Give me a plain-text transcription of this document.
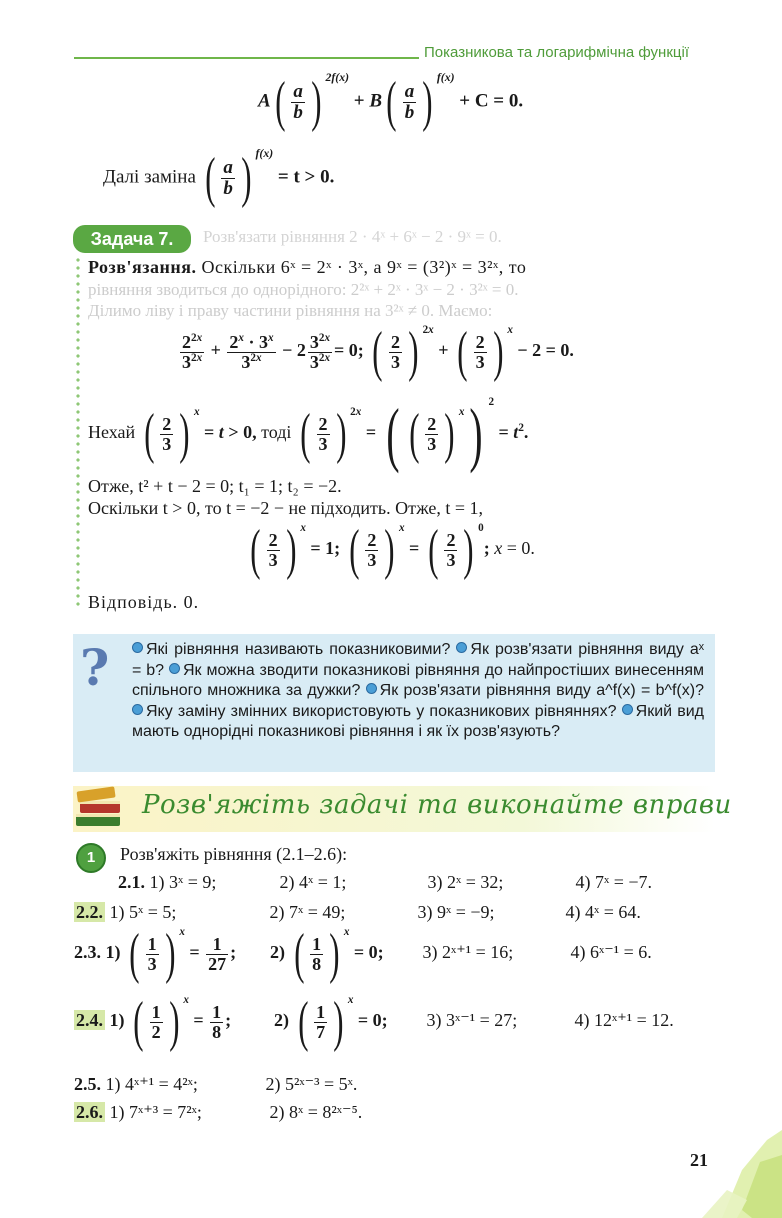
Показникова та логарифмічна функції
$A( \frac{a}{b}$ ) $^{2f(x)} + B( \frac{a}{b}$ ) $^{f(x)}$ + C = 0.
Далі заміна ( $\frac{a}{b}$ ) $^{f(x)}$ = t > 0.
Задача 7.	Розв'язати рівняння 2 · 4ˣ + 6ˣ − 2 · 9ˣ = 0.
Розв'язання. Оскільки 6ˣ = 2ˣ · 3ˣ, а 9ˣ = (3²)ˣ = 3²ˣ, то
рівняння зводиться до однорідного: 2²ˣ + 2ˣ · 3ˣ − 2 · 3²ˣ = 0.
Ділимо ліву і праву частини рівняння на 3²ˣ ≠ 0. Маємо:
$\frac{2^{2x}}{3^{2x}} + \frac{2^x \cdot 3^x}{3^{2x}} - 2 \frac{3^{2x}}{3^{2x}} = 0$; ( $\frac{2}{3}$ ) $^{2x}$ + ( $\frac{2}{3}$ ) $^x$ − 2 = 0.
Нехай ( $\frac{2}{3}$ ) $^x$ = t > 0, тоді ( $\frac{2}{3}$ ) $^{2x}$ = ( ( $\frac{2}{3}$ ) $^x$) $^2 = t^2$.
Отже, t² + t − 2 = 0; t₁ = 1; t₂ = −2.
Оскільки t > 0, то t = −2 − не підходить. Отже, t = 1,
( $\frac{2}{3}$ ) $^x$ = 1; ( $\frac{2}{3}$ ) $^x$ = ( $\frac{2}{3}$ ) $^0$; x = 0.
Відповідь. 0.
?	Які рівняння називають показниковими? Як розв'язати рівняння виду aˣ = b? Як можна зводити показникові рівняння до найпростіших винесенням спільного множника за дужки? Як розв'язати рівняння виду a^f(x) = b^f(x)? Яку заміну змінних використовують у показникових рівняннях? Який вид мають однорідні показникові рівняння і як їх розв'язують?
Розв'яжіть задачі та виконайте вправи
1	Розв'яжіть рівняння (2.1–2.6):
2.1. 1) 3ˣ = 9;	2) 4ˣ = 1;	3) 2ˣ = 32;	4) 7ˣ = −7.
2.2. 1) 5ˣ = 5;	2) 7ˣ = 49;	3) 9ˣ = −9;	4) 4ˣ = 64.
2.3. 1) ( $\frac{1}{3}$ ) $^x = \frac{1}{27}$ ; 2) ( $\frac{1}{8}$ ) $^x$ = 0; 3) 2ˣ⁺¹ = 16;	4) 6ˣ⁻¹ = 6.
2.4. 1) ( $\frac{1}{2}$ ) $^x = \frac{1}{8}$ ; 2) ( $\frac{1}{7}$ ) $^x$ = 0; 3) 3ˣ⁻¹ = 27;	4) 12ˣ⁺¹ = 12.
2.5. 1) 4ˣ⁺¹ = 4²ˣ;	2) 5²ˣ⁻³ = 5ˣ.
2.6. 1) 7ˣ⁺³ = 7²ˣ;	2) 8ˣ = 8²ˣ⁻⁵.
21
